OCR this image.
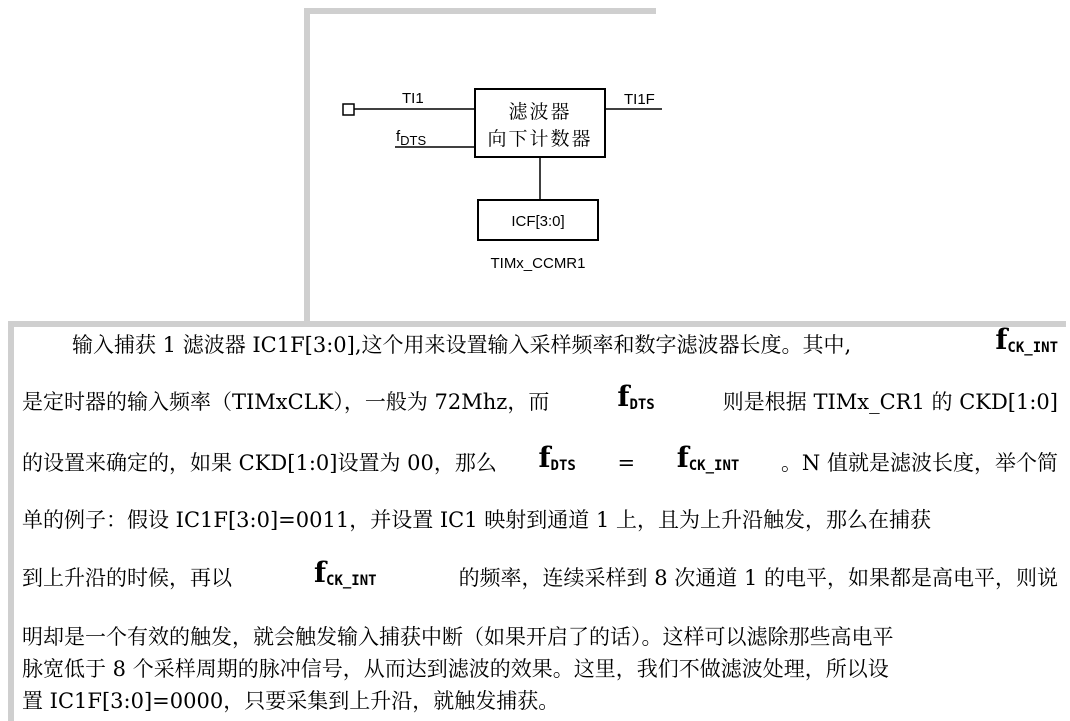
TI1
fDTS
滤波器
向下计数器
TI1F
ICF[3:0]
TIMx_CCMR1
输入捕获 1 滤波器 IC1F[3:0],这个用来设置输入采样频率和数字滤波器长度。其中,	$f_{CK\_INT}$
是定时器的输入频率（TIMxCLK），一般为 72Mhz，而 $f_{DTS}$	则是根据 TIMx_CR1 的 CKD[1:0]
的设置来确定的，如果 CKD[1:0]设置为 00，那么 $f_{DTS} = f_{CK\_INT}$ 。N 值就是滤波长度，举个简
单的例子：假设 IC1F[3:0]=0011，并设置 IC1 映射到通道 1 上，且为上升沿触发，那么在捕获
到上升沿的时候，再以	$f_{CK\_INT}$	的频率，连续采样到 8 次通道 1 的电平，如果都是高电平，则说
明却是一个有效的触发，就会触发输入捕获中断（如果开启了的话）。这样可以滤除那些高电平
脉宽低于 8 个采样周期的脉冲信号，从而达到滤波的效果。这里，我们不做滤波处理，所以设
置 IC1F[3:0]=0000，只要采集到上升沿，就触发捕获。
